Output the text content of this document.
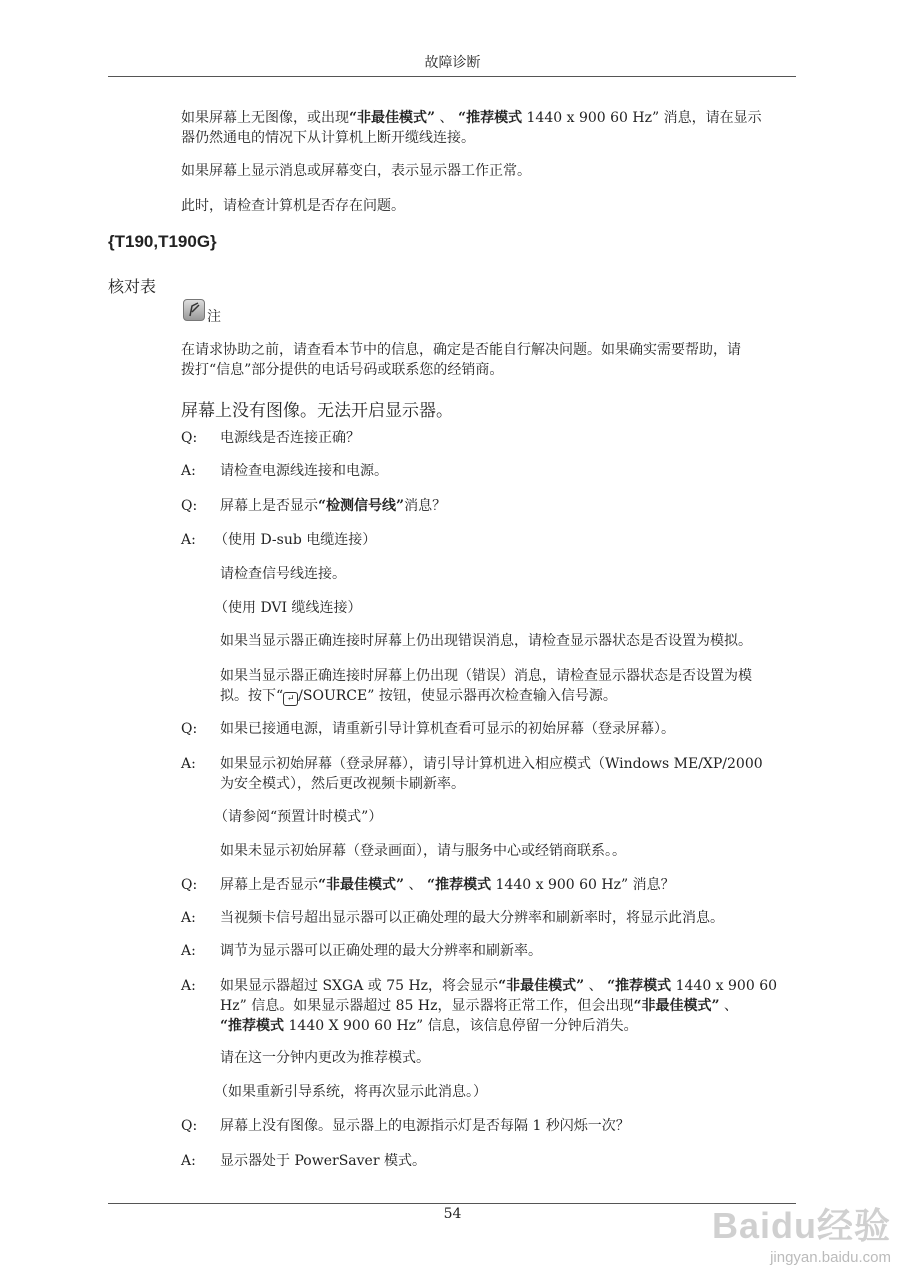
故障诊断
如果屏幕上无图像，或出现“非最佳模式” 、 “推荐模式 1440 x 900 60 Hz” 消息，请在显示
器仍然通电的情况下从计算机上断开缆线连接。
如果屏幕上显示消息或屏幕变白，表示显示器工作正常。
此时，请检查计算机是否存在问题。
{T190,T190G}
核对表
注
在请求协助之前，请查看本节中的信息，确定是否能自行解决问题。如果确实需要帮助，请
拨打“信息”部分提供的电话号码或联系您的经销商。
屏幕上没有图像。无法开启显示器。
Q: 电源线是否连接正确？
A: 请检查电源线连接和电源。
Q: 屏幕上是否显示“检测信号线”消息？
A: （使用 D-sub 电缆连接）
请检查信号线连接。
（使用 DVI 缆线连接）
如果当显示器正确连接时屏幕上仍出现错误消息，请检查显示器状态是否设置为模拟。
如果当显示器正确连接时屏幕上仍出现（错误）消息，请检查显示器状态是否设置为模
拟。按下“ ↵ /SOURCE” 按钮，使显示器再次检查输入信号源。
Q: 如果已接通电源，请重新引导计算机查看可显示的初始屏幕（登录屏幕）。
A: 如果显示初始屏幕（登录屏幕），请引导计算机进入相应模式（Windows ME/XP/2000
为安全模式），然后更改视频卡刷新率。
（请参阅“预置计时模式”）
如果未显示初始屏幕（登录画面），请与服务中心或经销商联系。。
Q: 屏幕上是否显示“非最佳模式” 、 “推荐模式 1440 x 900 60 Hz” 消息？
A: 当视频卡信号超出显示器可以正确处理的最大分辨率和刷新率时，将显示此消息。
A: 调节为显示器可以正确处理的最大分辨率和刷新率。
A: 如果显示器超过 SXGA 或 75 Hz，将会显示“非最佳模式” 、 “推荐模式 1440 x 900 60
Hz” 信息。如果显示器超过 85 Hz，显示器将正常工作，但会出现“非最佳模式” 、
“推荐模式 1440 X 900 60 Hz” 信息，该信息停留一分钟后消失。
请在这一分钟内更改为推荐模式。
（如果重新引导系统，将再次显示此消息。）
Q: 屏幕上没有图像。显示器上的电源指示灯是否每隔 1 秒闪烁一次？
A: 显示器处于 PowerSaver 模式。
54	Baidu经验
jingyan.baidu.com
